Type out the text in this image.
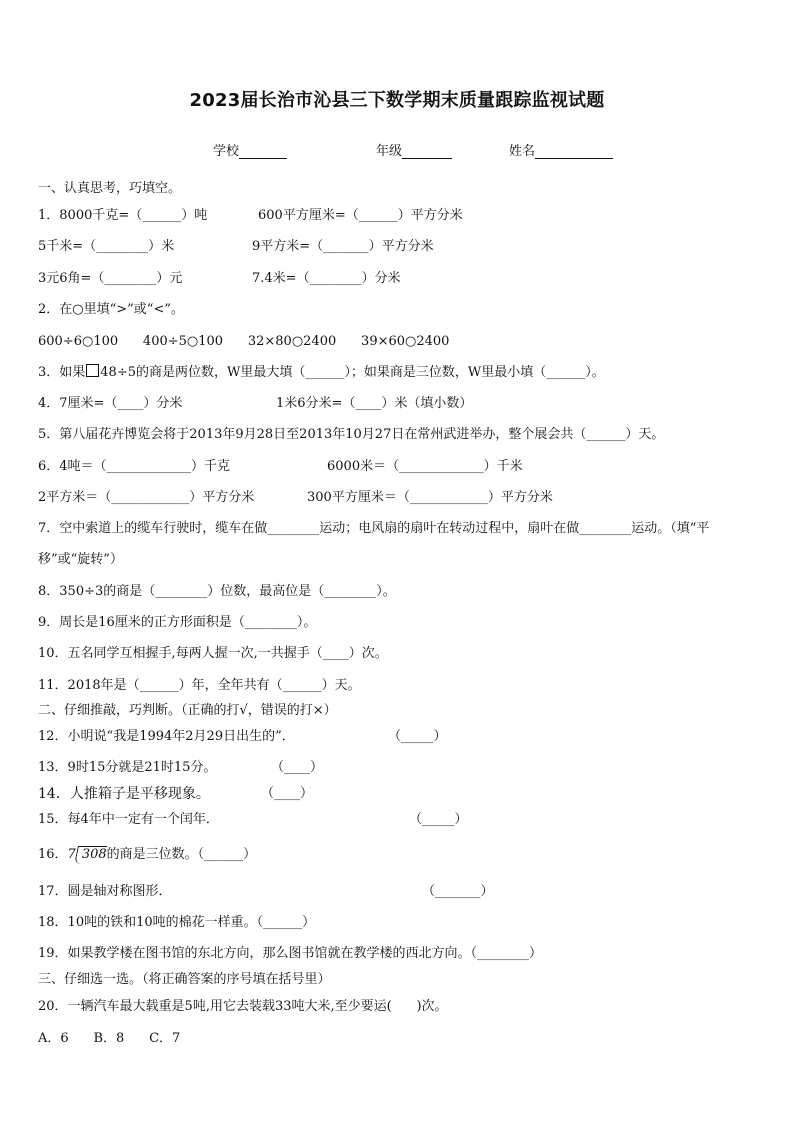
2023届长治市沁县三下数学期末质量跟踪监视试题
学校	年级	姓名
一、认真思考，巧填空。
1．8000千克=（______）吨	600平方厘米=（______）平方分米
5千米=（________）米	9平方米=（_______）平方分米
3元6角=（________）元	7.4米=（________）分米
2．在○里填“>”或“<”。
600÷6○100      400÷5○100      32×80○2400      39×60○2400
3．如果 48÷5的商是两位数，W里最大填（______）；如果商是三位数，W里最小填（______）。
4．7厘米=（____）分米	1米6分米=（____）米（填小数）
5．第八届花卉博览会将于2013年9月28日至2013年10月27日在常州武进举办，整个展会共（______）天。
6．4吨＝（_____________）千克	6000米＝（_____________）千米
2平方米＝（____________）平方分米	300平方厘米＝（____________）平方分米
7．空中索道上的缆车行驶时，缆车在做________运动；电风扇的扇叶在转动过程中，扇叶在做________运动。（填“平
移”或“旋转”）
8．350÷3的商是（________）位数，最高位是（________）。
9．周长是16厘米的正方形面积是（________）。
10．五名同学互相握手,每两人握一次,一共握手（____）次。
11．2018年是（______）年，全年共有（______）天。
二、仔细推敲，巧判断。（正确的打√，错误的打×）
12．小明说“我是1994年2月29日出生的”．	（_____）
13．9时15分就是21时15分。	（____）
14．人推箱子是平移现象。	（____）
15．每4年中一定有一个闰年．	（_____）
16．7 308的商是三位数。（______）
17．圆是轴对称图形．	（_______）
18．10吨的铁和10吨的棉花一样重。（______）
19．如果教学楼在图书馆的东北方向，那么图书馆就在教学楼的西北方向。（________）
三、仔细选一选。（将正确答案的序号填在括号里）
20．一辆汽车最大载重是5吨,用它去装载33吨大米,至少要运(      )次。
A．6      B．8      C．7
